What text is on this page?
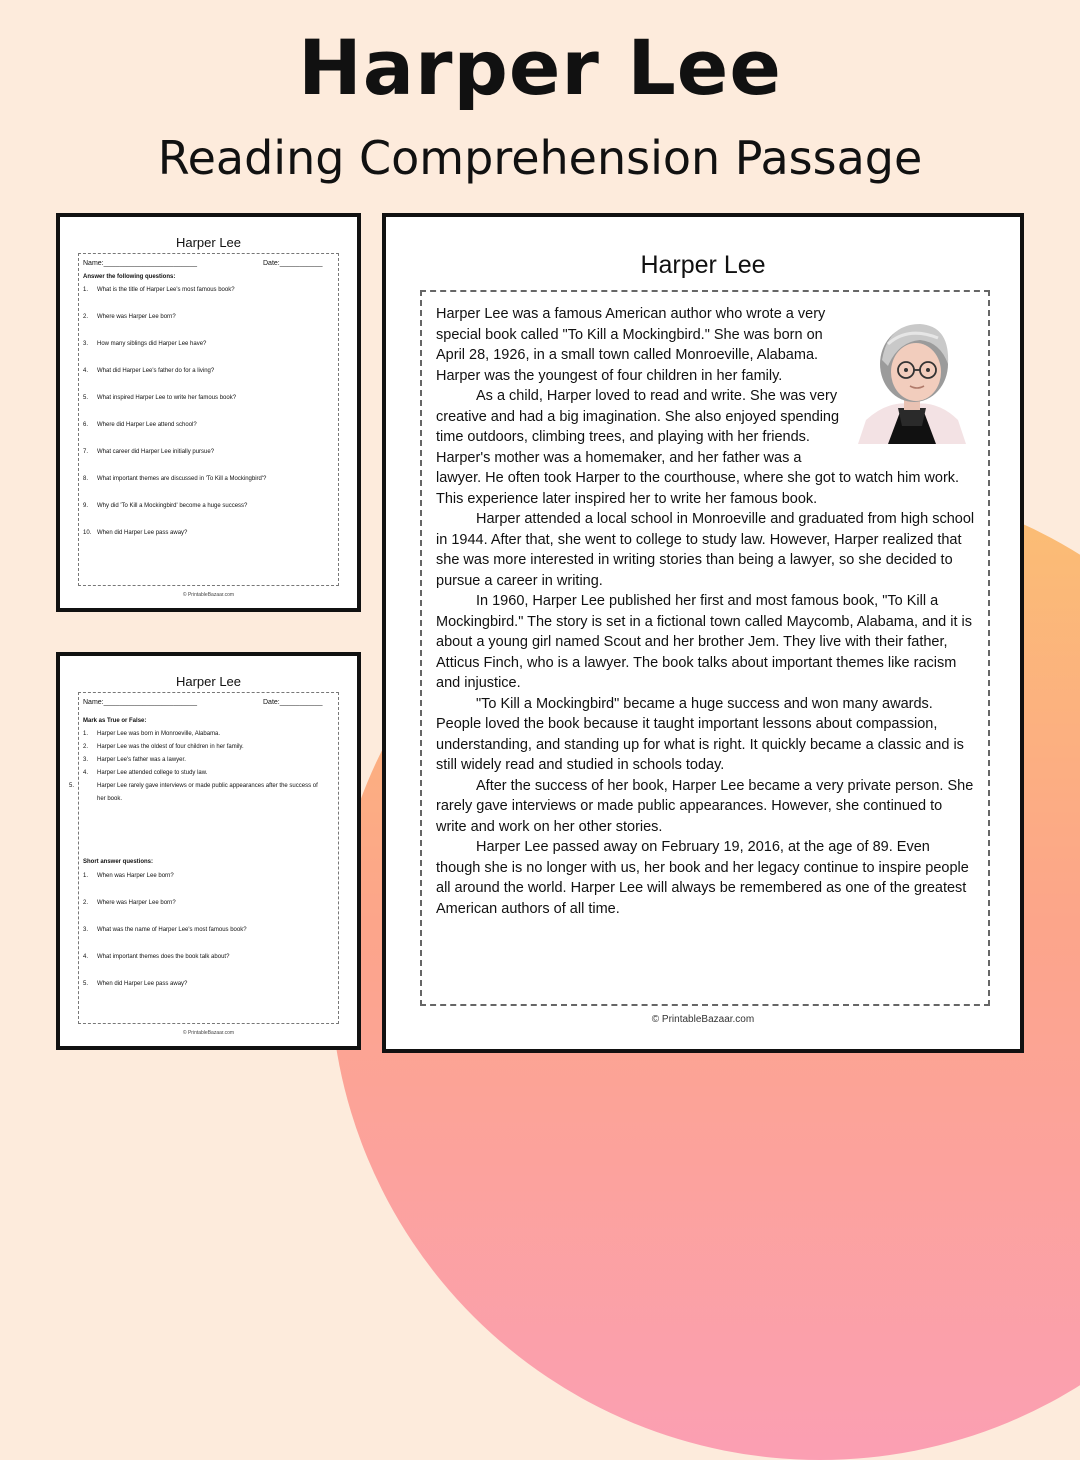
Harper Lee
Reading Comprehension Passage
Harper Lee
Name:________________________	Date:___________
Answer the following questions:
1. What is the title of Harper Lee's most famous book?
2. Where was Harper Lee born?
3. How many siblings did Harper Lee have?
4. What did Harper Lee's father do for a living?
5. What inspired Harper Lee to write her famous book?
6. Where did Harper Lee attend school?
7. What career did Harper Lee initially pursue?
8. What important themes are discussed in 'To Kill a Mockingbird'?
9. Why did 'To Kill a Mockingbird' become a huge success?
10. When did Harper Lee pass away?
© PrintableBazaar.com
Harper Lee
Name:________________________	Date:___________
Mark as True or False:
1. Harper Lee was born in Monroeville, Alabama.
2. Harper Lee was the oldest of four children in her family.
3. Harper Lee's father was a lawyer.
4. Harper Lee attended college to study law.
5.	Harper Lee rarely gave interviews or made public appearances after the success of her book.
Short answer questions:
1. When was Harper Lee born?
2. Where was Harper Lee born?
3. What was the name of Harper Lee's most famous book?
4. What important themes does the book talk about?
5. When did Harper Lee pass away?
© PrintableBazaar.com
Harper Lee

Harper Lee was a famous American author who wrote a very special book called "To Kill a Mockingbird." She was born on April 28, 1926, in a small town called Monroeville, Alabama. Harper was the youngest of four children in her family.

As a child, Harper loved to read and write. She was very creative and had a big imagination. She also enjoyed spending time outdoors, climbing trees, and playing with her friends. Harper's mother was a homemaker, and her father was a lawyer. He often took Harper to the courthouse, where she got to watch him work. This experience later inspired her to write her famous book.

Harper attended a local school in Monroeville and graduated from high school in 1944. After that, she went to college to study law. However, Harper realized that she was more interested in writing stories than being a lawyer, so she decided to pursue a career in writing.

In 1960, Harper Lee published her first and most famous book, "To Kill a Mockingbird." The story is set in a fictional town called Maycomb, Alabama, and it is about a young girl named Scout and her brother Jem. They live with their father, Atticus Finch, who is a lawyer. The book talks about important themes like racism and injustice.

"To Kill a Mockingbird" became a huge success and won many awards. People loved the book because it taught important lessons about compassion, understanding, and standing up for what is right. It quickly became a classic and is still widely read and studied in schools today.

After the success of her book, Harper Lee became a very private person. She rarely gave interviews or made public appearances. However, she continued to write and work on her other stories.

Harper Lee passed away on February 19, 2016, at the age of 89. Even though she is no longer with us, her book and her legacy continue to inspire people all around the world. Harper Lee will always be remembered as one of the greatest American authors of all time.

© PrintableBazaar.com
